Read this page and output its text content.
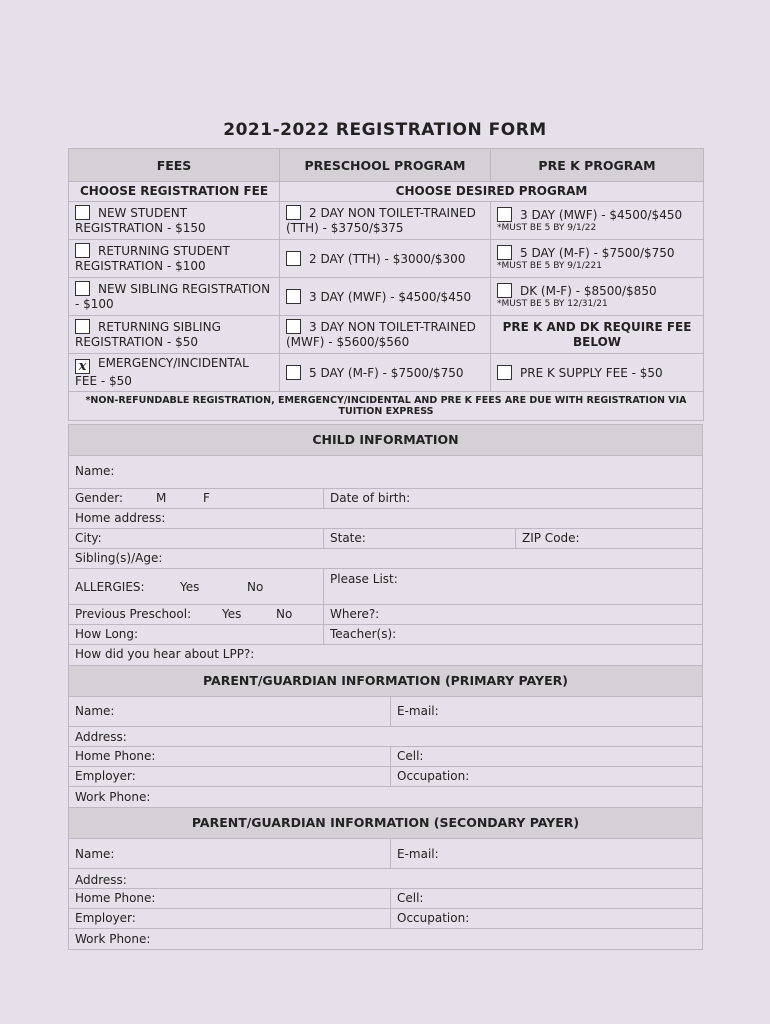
2021-2022 REGISTRATION FORM
FEES	PRESCHOOL PROGRAM	PRE K PROGRAM
CHOOSE REGISTRATION FEE	CHOOSE DESIRED PROGRAM	
NEW STUDENT REGISTRATION - $150	2 DAY NON TOILET-TRAINED (TTH) - $3750/$375	3 DAY (MWF) - $4500/$450
*MUST BE 5 BY 9/1/22

RETURNING STUDENT REGISTRATION - $100	2 DAY (TTH) - $3000/$300	5 DAY (M-F) - $7500/$750
*MUST BE 5 BY 9/1/221

NEW SIBLING REGISTRATION - $100	3 DAY (MWF) - $4500/$450	DK (M-F) - $8500/$850
*MUST BE 5 BY 12/31/21

RETURNING SIBLING REGISTRATION - $50	3 DAY NON TOILET-TRAINED (MWF) - $5600/$560	PRE K AND DK REQUIRE FEE BELOW
x EMERGENCY/INCIDENTAL FEE - $50	5 DAY (M-F) - $7500/$750	PRE K SUPPLY FEE - $50
*NON-REFUNDABLE REGISTRATION, EMERGENCY/INCIDENTAL AND PRE K FEES ARE DUE WITH REGISTRATION VIA TUITION EXPRESS		
CHILD INFORMATION
Name:
Gender:	M	F	Date of birth:
Home address:
City:	State:	ZIP Code:
Sibling(s)/Age:
ALLERGIES:	Yes	No
Please List:
Previous Preschool:	Yes	No	Where?:
How Long:	Teacher(s):
How did you hear about LPP?:
PARENT/GUARDIAN INFORMATION (PRIMARY PAYER)
Name:	E-mail:
Address:
Home Phone:	Cell:
Employer:	Occupation:
Work Phone:
PARENT/GUARDIAN INFORMATION (SECONDARY PAYER)
Name:	E-mail:
Address:
Home Phone:	Cell:
Employer:	Occupation:
Work Phone:
